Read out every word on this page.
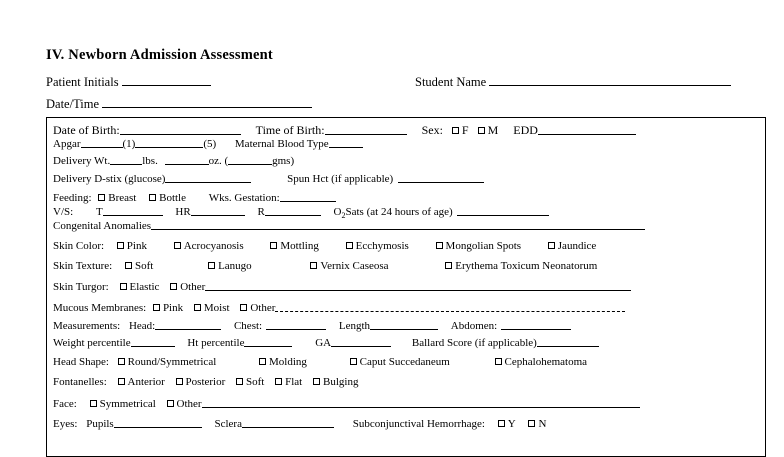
IV. Newborn Admission Assessment
Patient Initials	Student Name
Date/Time
Date of Birth:	Time of Birth:	Sex: F M EDD
Apgar	(1)	(5) Maternal Blood Type
Delivery Wt.	lbs.	oz. (	gms)
Delivery D-stix (glucose)	Spun Hct (if applicable)
Feeding: Breast Bottle Wks. Gestation:
V/S: T	HR	R	$O_2Sats$ (at 24 hours of age)
Congenital Anomalies
Skin Color: Pink	Acrocyanosis	Mottling	Ecchymosis	Mongolian Spots	Jaundice
Skin Texture: Soft	Lanugo	Vernix Caseosa	Erythema Toxicum Neonatorum
Skin Turgor: Elastic Other
Mucous Membranes: Pink Moist Other
Measurements: Head:	Chest:	Length	Abdomen:
Weight percentile	Ht percentile	GA	Ballard Score (if applicable)
Head Shape: Round/Symmetrical	Molding	Caput Succedaneum	Cephalohematoma
Fontanelles: Anterior Posterior Soft Flat Bulging
Face: Symmetrical Other
Eyes: Pupils	Sclera	Subconjunctival Hemorrhage: Y N
